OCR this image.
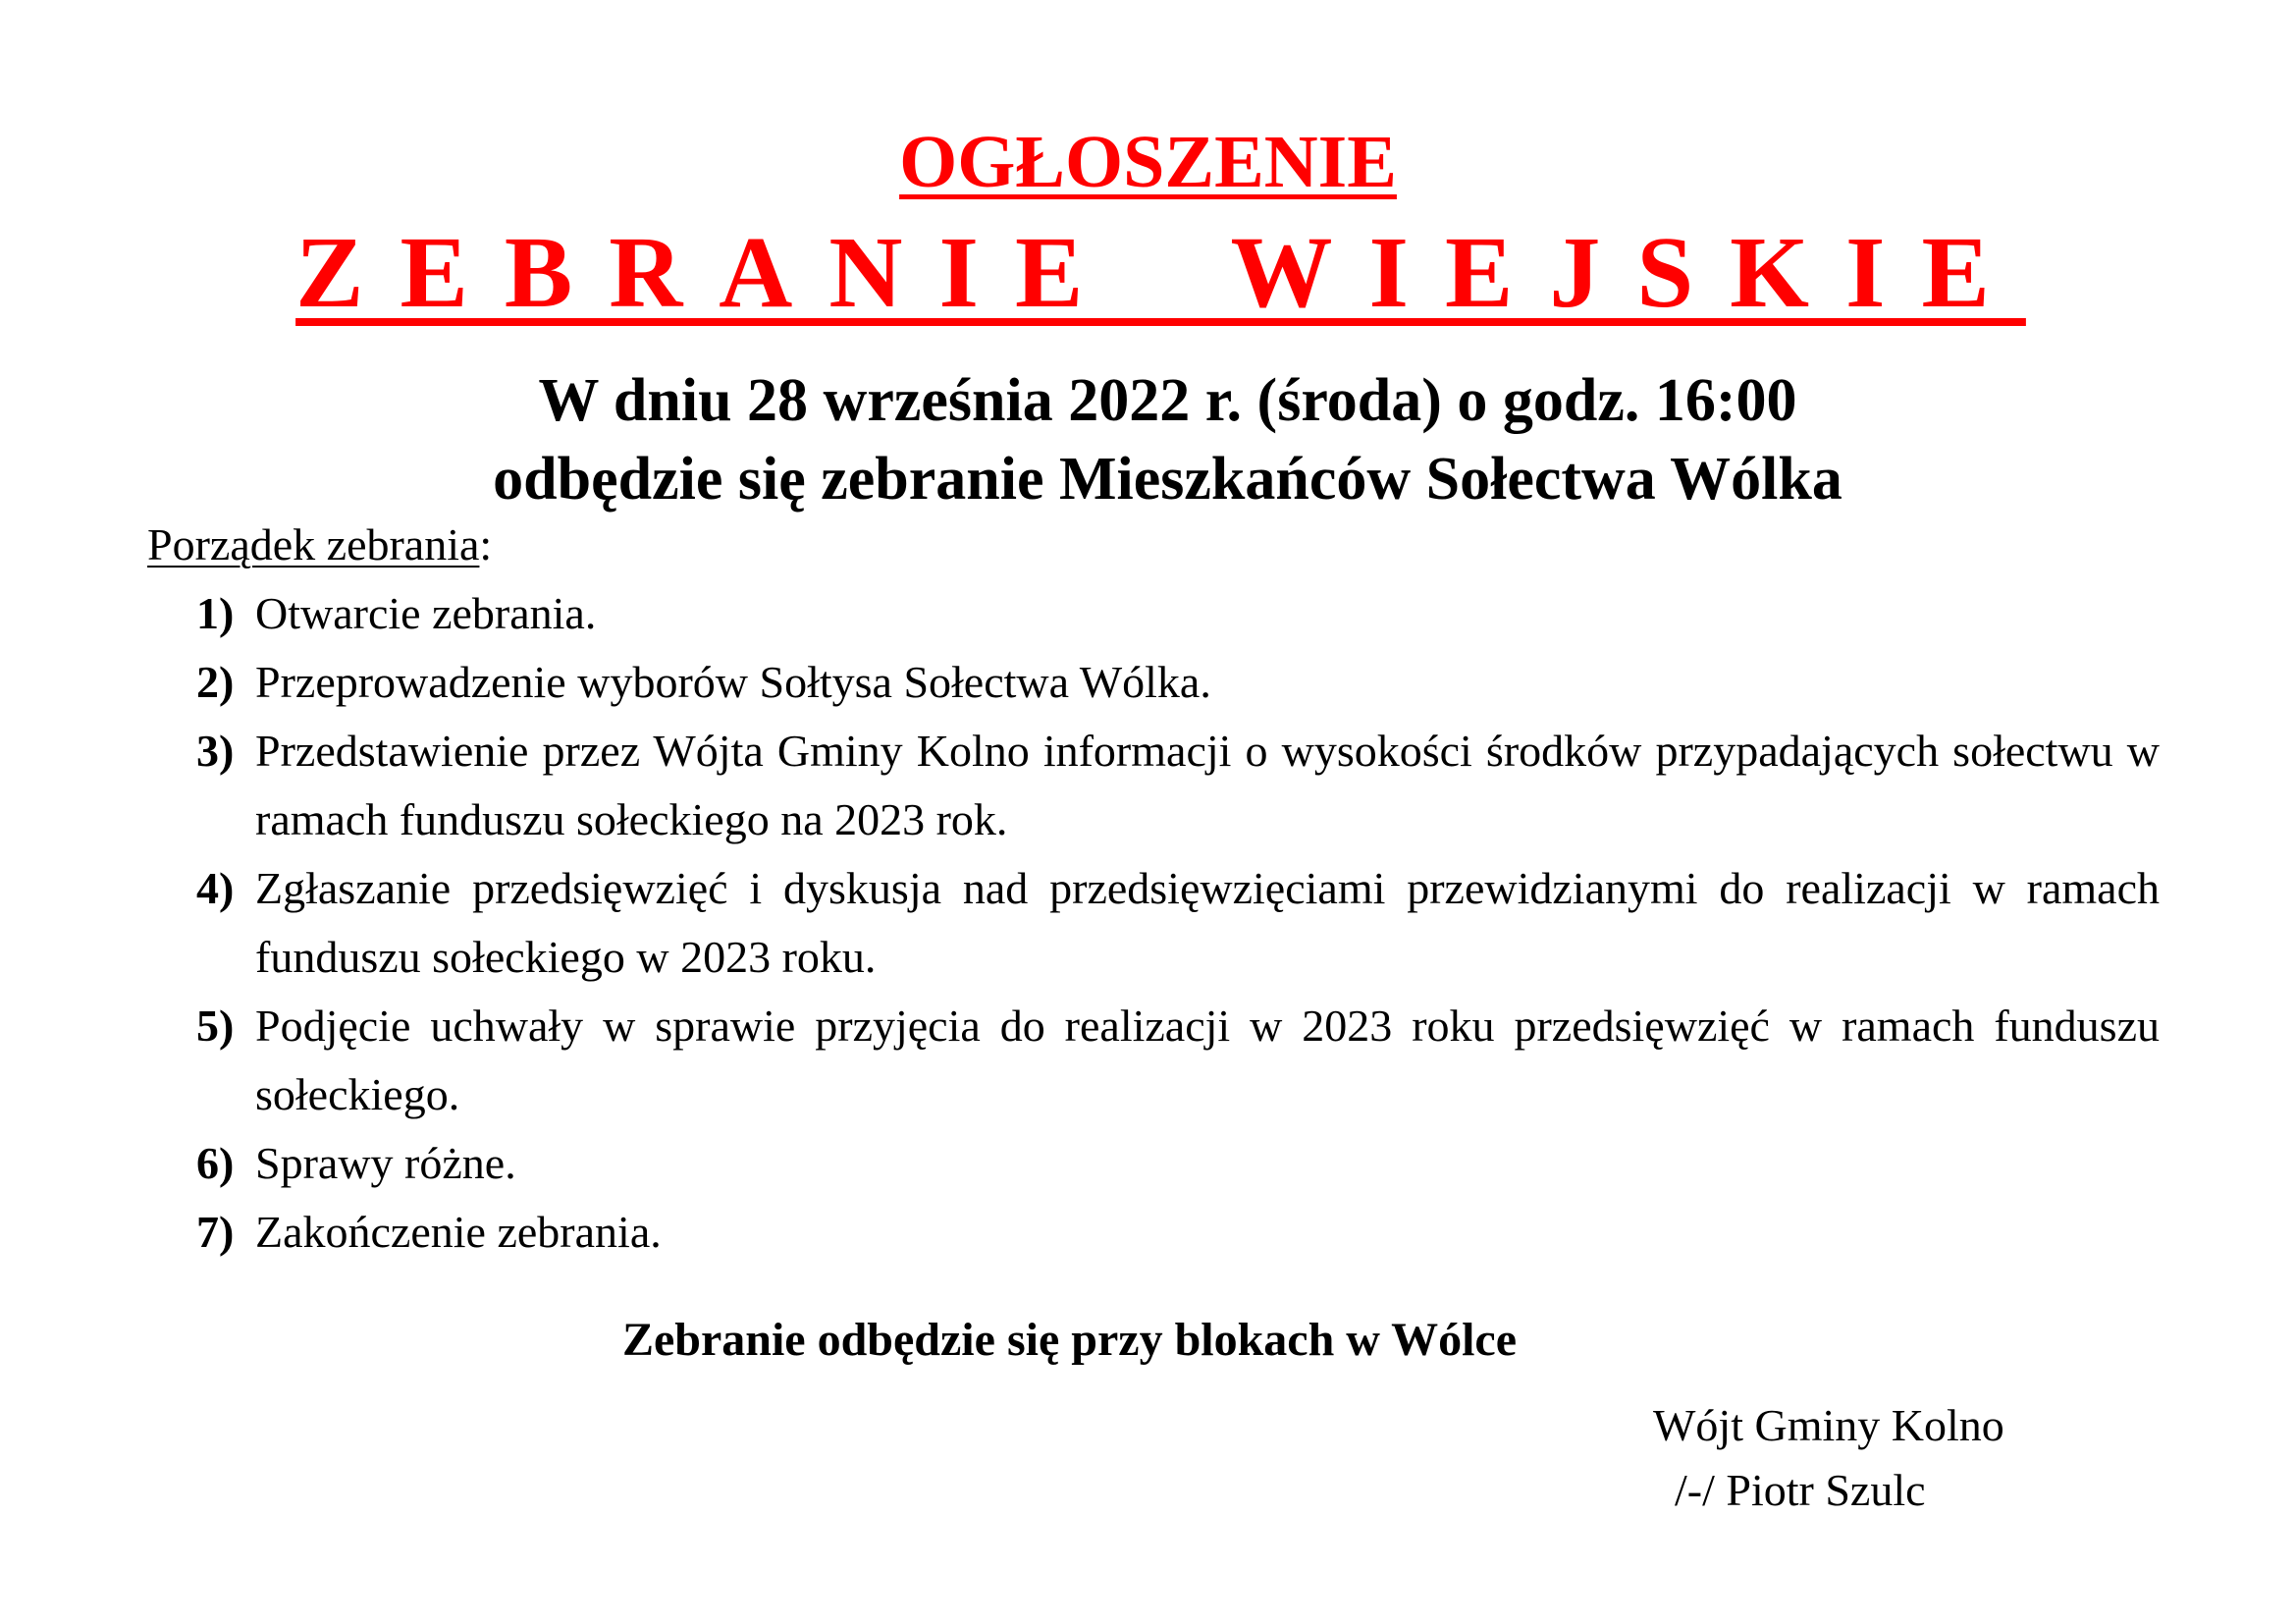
OGŁOSZENIE
ZEBRANIE WIEJSKIE
W dniu 28 września 2022 r. (środa) o godz. 16:00
odbędzie się zebranie Mieszkańców Sołectwa Wólka
Porządek zebrania:
1) Otwarcie zebrania.
2) Przeprowadzenie wyborów Sołtysa Sołectwa Wólka.
3) Przedstawienie przez Wójta Gminy Kolno informacji o wysokości środków przypadających sołectwu w ramach funduszu sołeckiego na 2023 rok.
4) Zgłaszanie przedsięwzięć i dyskusja nad przedsięwzięciami przewidzianymi do realizacji w ramach funduszu sołeckiego w 2023 roku.
5) Podjęcie uchwały w sprawie przyjęcia do realizacji w 2023 roku przedsięwzięć w ramach funduszu sołeckiego.
6) Sprawy różne.
7) Zakończenie zebrania.
Zebranie odbędzie się przy blokach w Wólce
Wójt Gminy Kolno
/-/ Piotr Szulc
